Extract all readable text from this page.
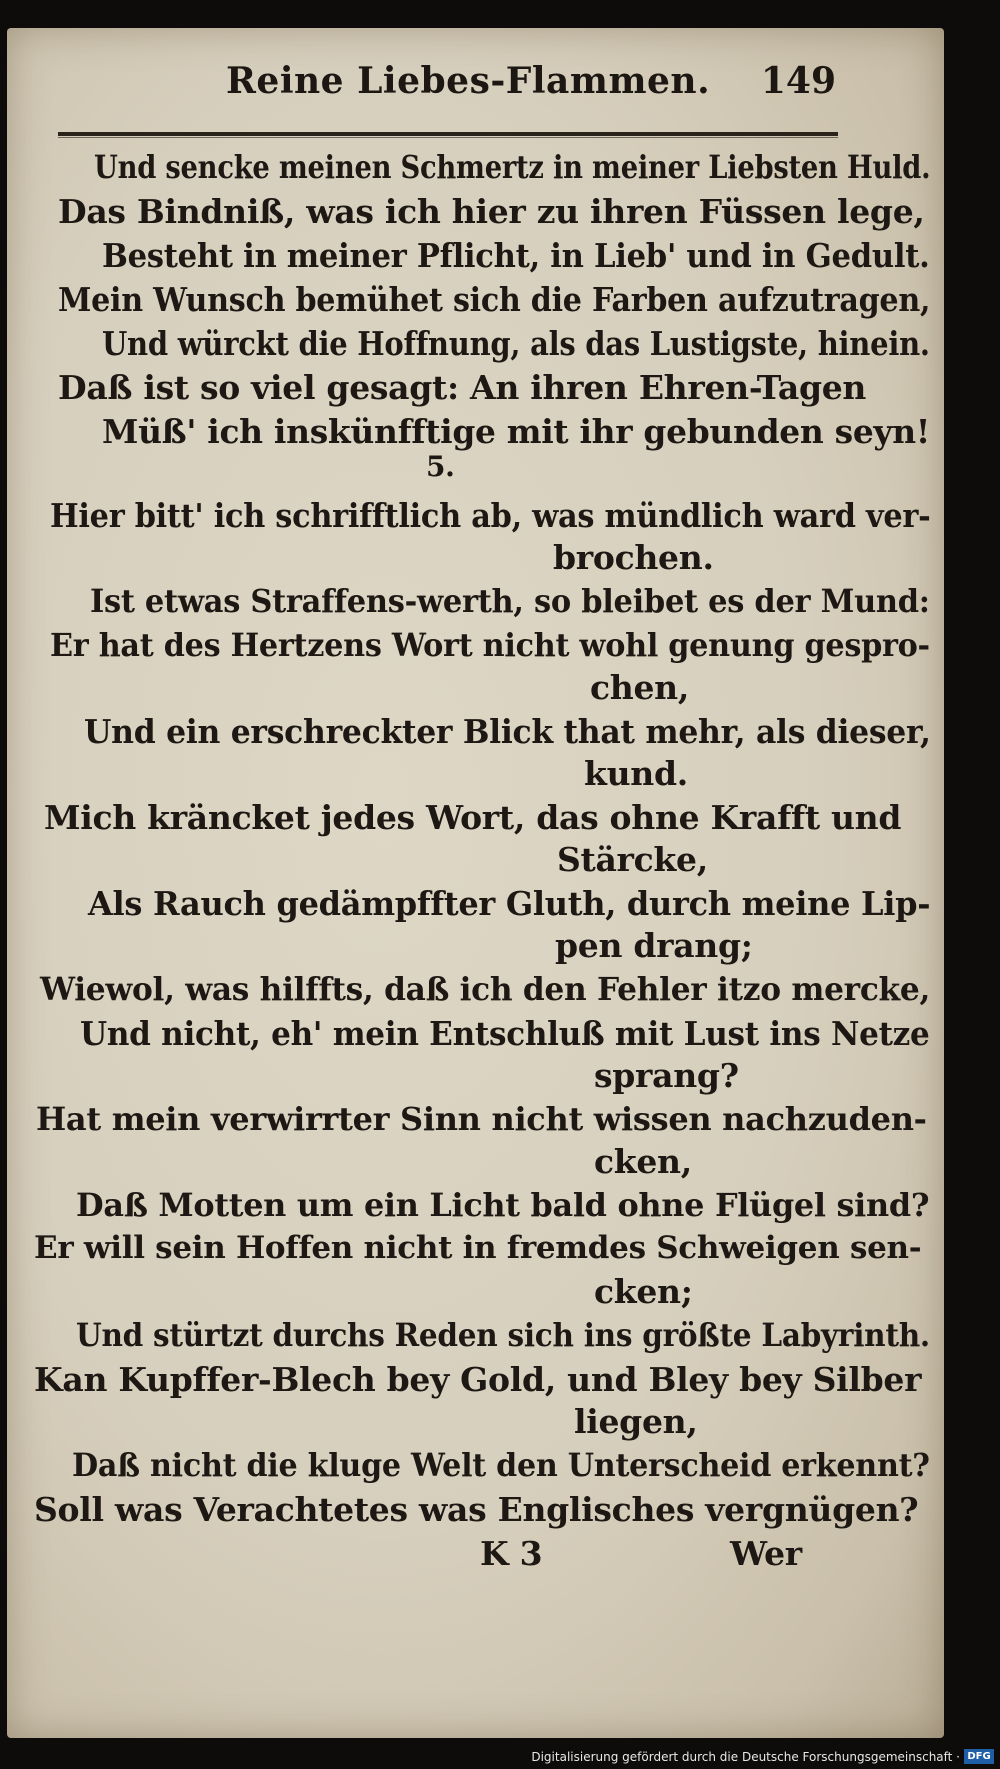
Reine Liebes-Flammen. 149
Und sencke meinen Schmertz in meiner Liebsten Huld.
Das Bindniß, was ich hier zu ihren Füssen lege,
Besteht in meiner Pflicht, in Lieb' und in Gedult.
Mein Wunsch bemühet sich die Farben aufzutragen,
Und würckt die Hoffnung, als das Lustigste, hinein.
Daß ist so viel gesagt: An ihren Ehren-Tagen
Müß' ich inskünfftige mit ihr gebunden seyn!
5.
Hier bitt' ich schrifftlich ab, was mündlich ward ver-
brochen.
Ist etwas Straffens-werth, so bleibet es der Mund:
Er hat des Hertzens Wort nicht wohl genung gespro-
chen,
Und ein erschreckter Blick that mehr, als dieser,
kund.
Mich kräncket jedes Wort, das ohne Krafft und
Stärcke,
Als Rauch gedämpffter Gluth, durch meine Lip-
pen drang;
Wiewol, was hilffts, daß ich den Fehler itzo mercke,
Und nicht, eh' mein Entschluß mit Lust ins Netze
sprang?
Hat mein verwirrter Sinn nicht wissen nachzuden-
cken,
Daß Motten um ein Licht bald ohne Flügel sind?
Er will sein Hoffen nicht in fremdes Schweigen sen-
cken;
Und stürtzt durchs Reden sich ins größte Labyrinth.
Kan Kupffer-Blech bey Gold, und Bley bey Silber
liegen,
Daß nicht die kluge Welt den Unterscheid erkennt?
Soll was Verachtetes was Englisches vergnügen?
K 3	Wer
Digitalisierung gefördert durch die Deutsche Forschungsgemeinschaft · DFG
